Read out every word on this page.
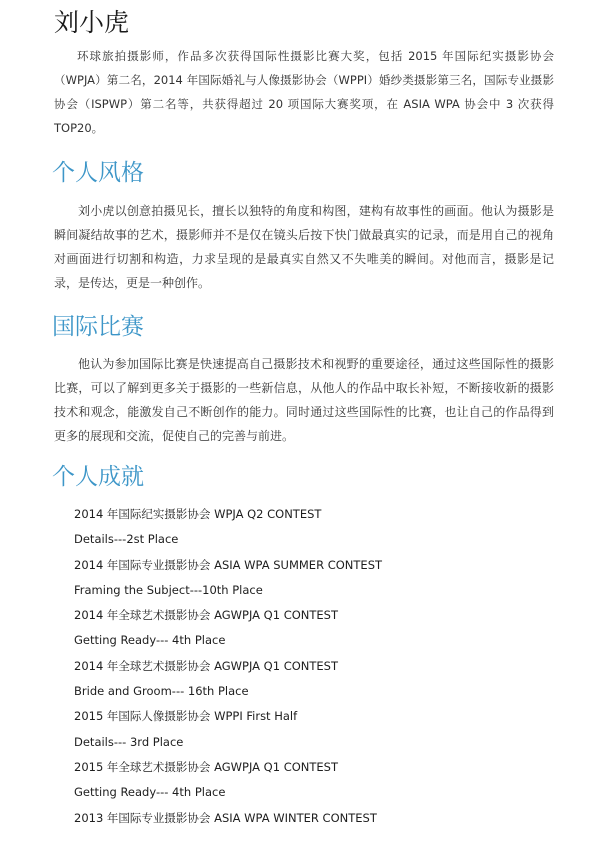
刘小虎

环球旅拍摄影师，作品多次获得国际性摄影比赛大奖，包括 2015 年国际纪实摄影协会（WPJA）第二名，2014 年国际婚礼与人像摄影协会（WPPI）婚纱类摄影第三名，国际专业摄影协会（ISPWP）第二名等，共获得超过 20 项国际大赛奖项，在 ASIA WPA 协会中 3 次获得 TOP20。

个人风格

刘小虎以创意拍摄见长，擅长以独特的角度和构图，建构有故事性的画面。他认为摄影是瞬间凝结故事的艺术，摄影师并不是仅在镜头后按下快门做最真实的记录，而是用自己的视角对画面进行切割和构造，力求呈现的是最真实自然又不失唯美的瞬间。对他而言，摄影是记录，是传达，更是一种创作。

国际比赛

他认为参加国际比赛是快速提高自己摄影技术和视野的重要途径，通过这些国际性的摄影比赛，可以了解到更多关于摄影的一些新信息，从他人的作品中取长补短，不断接收新的摄影技术和观念，能激发自己不断创作的能力。同时通过这些国际性的比赛，也让自己的作品得到更多的展现和交流，促使自己的完善与前进。

个人成就
2014 年国际纪实摄影协会 WPJA Q2 CONTEST
Details---2st Place
2014 年国际专业摄影协会 ASIA WPA SUMMER CONTEST
Framing the Subject---10th Place
2014 年全球艺术摄影协会 AGWPJA Q1 CONTEST
Getting Ready--- 4th Place
2014 年全球艺术摄影协会 AGWPJA Q1 CONTEST
Bride and Groom--- 16th Place
2015 年国际人像摄影协会 WPPI First Half
Details--- 3rd Place
2015 年全球艺术摄影协会 AGWPJA Q1 CONTEST
Getting Ready--- 4th Place
2013 年国际专业摄影协会 ASIA WPA WINTER CONTEST
